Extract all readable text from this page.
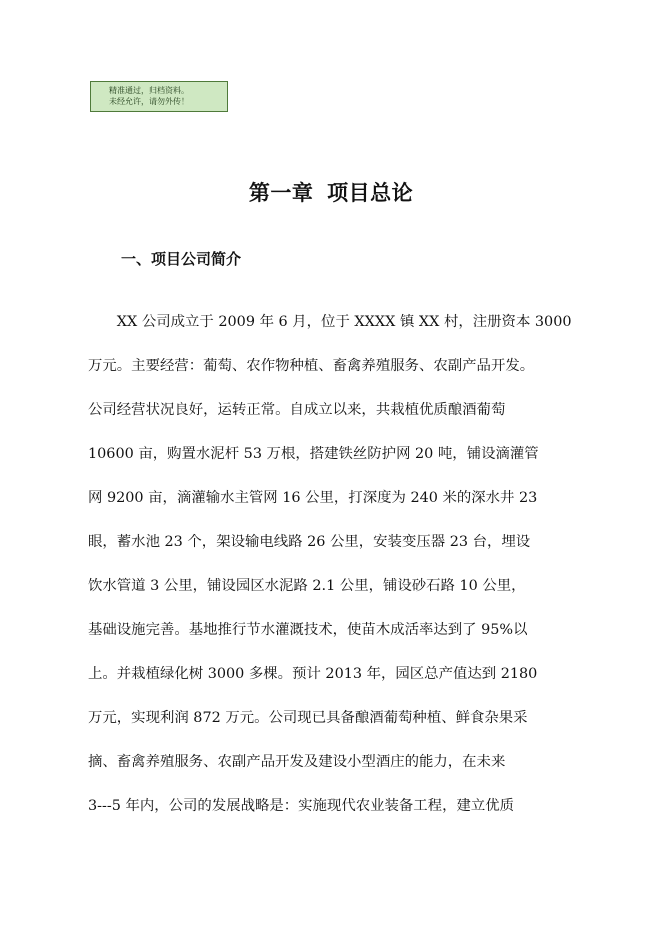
精准通过，归档资料。
未经允许，请勿外传！
第一章 项目总论
一、项目公司简介
　　XX 公司成立于 2009 年 6 月，位于 XXXX 镇 XX 村，注册资本 3000
万元。主要经营：葡萄、农作物种植、畜禽养殖服务、农副产品开发。
公司经营状况良好，运转正常。自成立以来，共栽植优质酿酒葡萄
10600 亩，购置水泥杆 53 万根，搭建铁丝防护网 20 吨，铺设滴灌管
网 9200 亩，滴灌输水主管网 16 公里，打深度为 240 米的深水井 23
眼，蓄水池 23 个，架设输电线路 26 公里，安装变压器 23 台，埋设
饮水管道 3 公里，铺设园区水泥路 2.1 公里，铺设砂石路 10 公里，
基础设施完善。基地推行节水灌溉技术，使苗木成活率达到了 95%以
上。并栽植绿化树 3000 多棵。预计 2013 年，园区总产值达到 2180
万元，实现利润 872 万元。公司现已具备酿酒葡萄种植、鲜食杂果采
摘、畜禽养殖服务、农副产品开发及建设小型酒庄的能力，在未来
3---5 年内，公司的发展战略是：实施现代农业装备工程，建立优质
